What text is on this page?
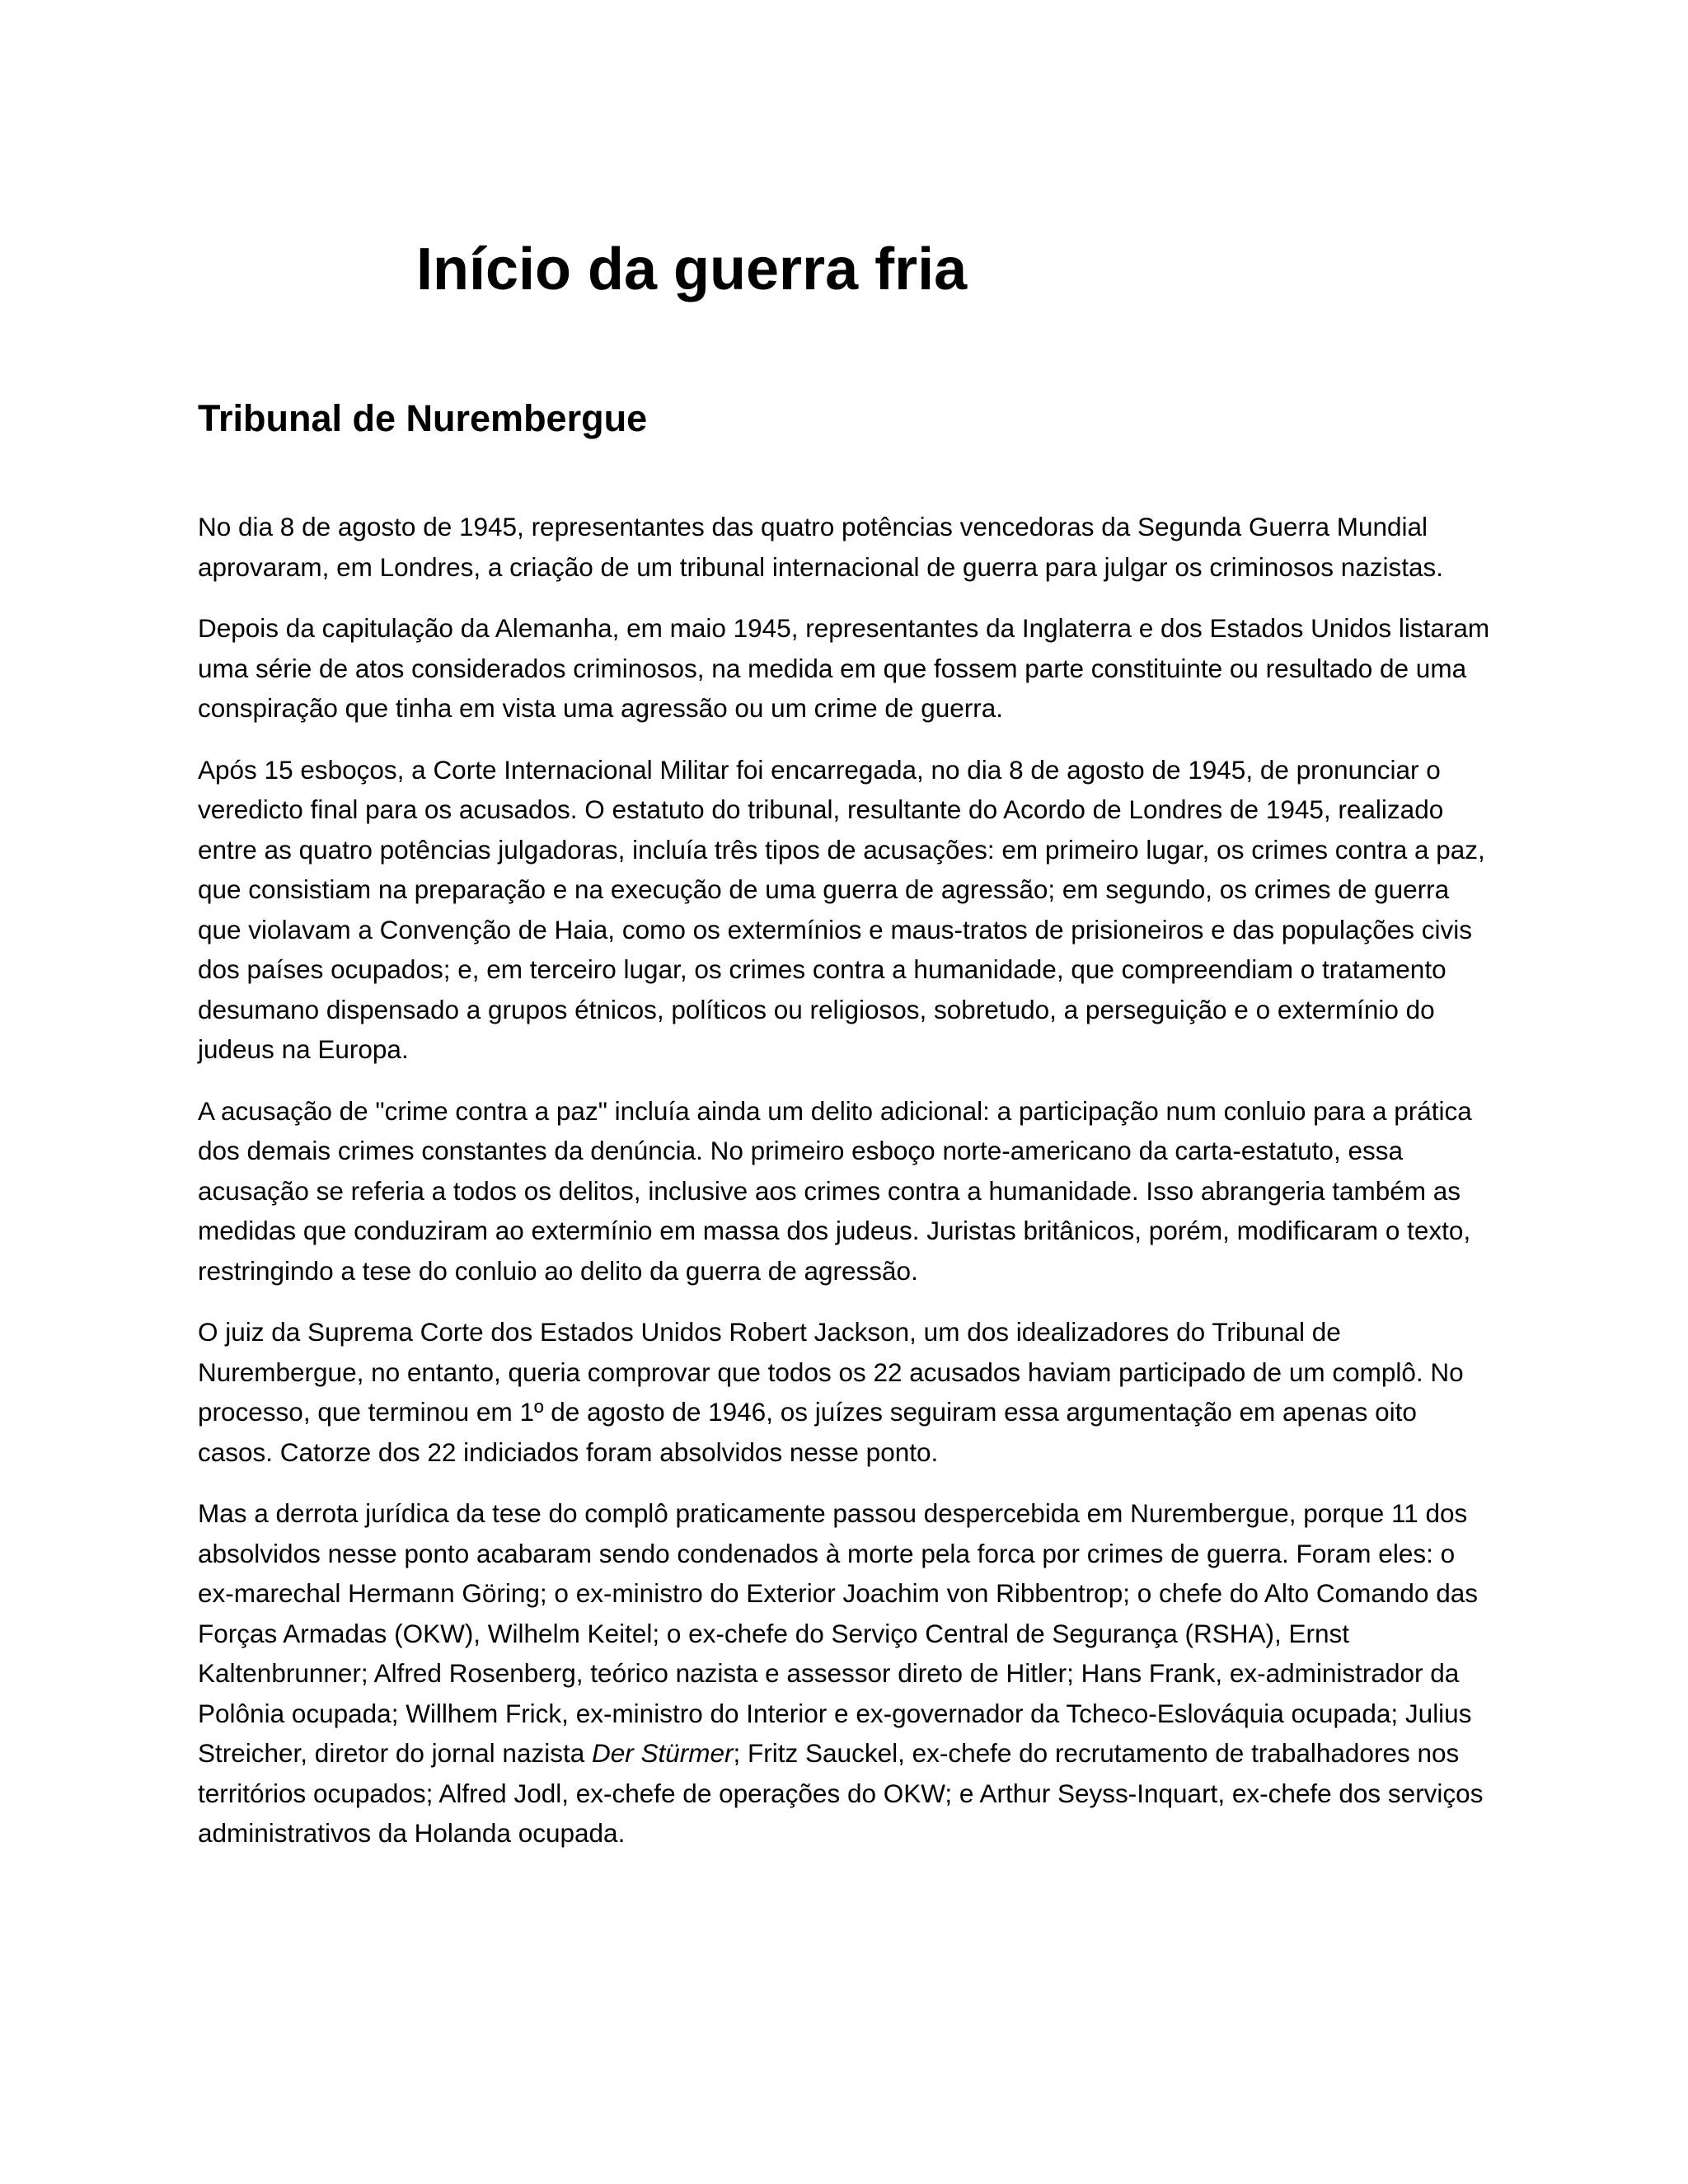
Início da guerra fria
Tribunal de Nurembergue

No dia 8 de agosto de 1945, representantes das quatro potências vencedoras da Segunda Guerra Mundial aprovaram, em Londres, a criação de um tribunal internacional de guerra para julgar os criminosos nazistas.

Depois da capitulação da Alemanha, em maio 1945, representantes da Inglaterra e dos Estados Unidos listaram uma série de atos considerados criminosos, na medida em que fossem parte constituinte ou resultado de uma conspiração que tinha em vista uma agressão ou um crime de guerra.

Após 15 esboços, a Corte Internacional Militar foi encarregada, no dia 8 de agosto de 1945, de pronunciar o veredicto final para os acusados. O estatuto do tribunal, resultante do Acordo de Londres de 1945, realizado entre as quatro potências julgadoras, incluía três tipos de acusações: em primeiro lugar, os crimes contra a paz, que consistiam na preparação e na execução de uma guerra de agressão; em segundo, os crimes de guerra que violavam a Convenção de Haia, como os extermínios e maus-tratos de prisioneiros e das populações civis dos países ocupados; e, em terceiro lugar, os crimes contra a humanidade, que compreendiam o tratamento desumano dispensado a grupos étnicos, políticos ou religiosos, sobretudo, a perseguição e o extermínio do judeus na Europa.

A acusação de "crime contra a paz" incluía ainda um delito adicional: a participação num conluio para a prática dos demais crimes constantes da denúncia. No primeiro esboço norte-americano da carta-estatuto, essa acusação se referia a todos os delitos, inclusive aos crimes contra a humanidade. Isso abrangeria também as medidas que conduziram ao extermínio em massa dos judeus. Juristas britânicos, porém, modificaram o texto, restringindo a tese do conluio ao delito da guerra de agressão.

O juiz da Suprema Corte dos Estados Unidos Robert Jackson, um dos idealizadores do Tribunal de Nurembergue, no entanto, queria comprovar que todos os 22 acusados haviam participado de um complô. No processo, que terminou em 1º de agosto de 1946, os juízes seguiram essa argumentação em apenas oito casos. Catorze dos 22 indiciados foram absolvidos nesse ponto.

Mas a derrota jurídica da tese do complô praticamente passou despercebida em Nurembergue, porque 11 dos absolvidos nesse ponto acabaram sendo condenados à morte pela forca por crimes de guerra. Foram eles: o ex-marechal Hermann Göring; o ex-ministro do Exterior Joachim von Ribbentrop; o chefe do Alto Comando das Forças Armadas (OKW), Wilhelm Keitel; o ex-chefe do Serviço Central de Segurança (RSHA), Ernst Kaltenbrunner; Alfred Rosenberg, teórico nazista e assessor direto de Hitler; Hans Frank, ex-administrador da Polônia ocupada; Willhem Frick, ex-ministro do Interior e ex-governador da Tcheco-Eslováquia ocupada; Julius Streicher, diretor do jornal nazista Der Stürmer; Fritz Sauckel, ex-chefe do recrutamento de trabalhadores nos territórios ocupados; Alfred Jodl, ex-chefe de operações do OKW; e Arthur Seyss-Inquart, ex-chefe dos serviços administrativos da Holanda ocupada.
